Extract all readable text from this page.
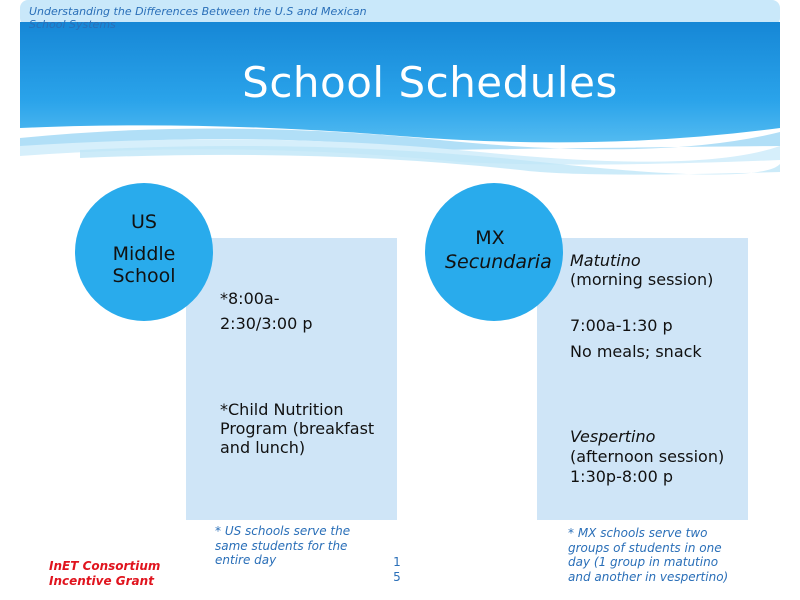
Understanding the Differences Between the U.S and Mexican School Systems
School Schedules
US
Middle School
MX
Secundaria
*8:00a-2:30/3:00 p
*Child Nutrition Program (breakfast and lunch)
Matutino
(morning session)
7:00a-1:30 p
No meals; snack
Vespertino
(afternoon session) 1:30p-8:00 p
* US schools serve the same students for the entire day
* MX schools serve two groups of students in one day (1 group in matutino and another in vespertino)
InET Consortium Incentive Grant
15
